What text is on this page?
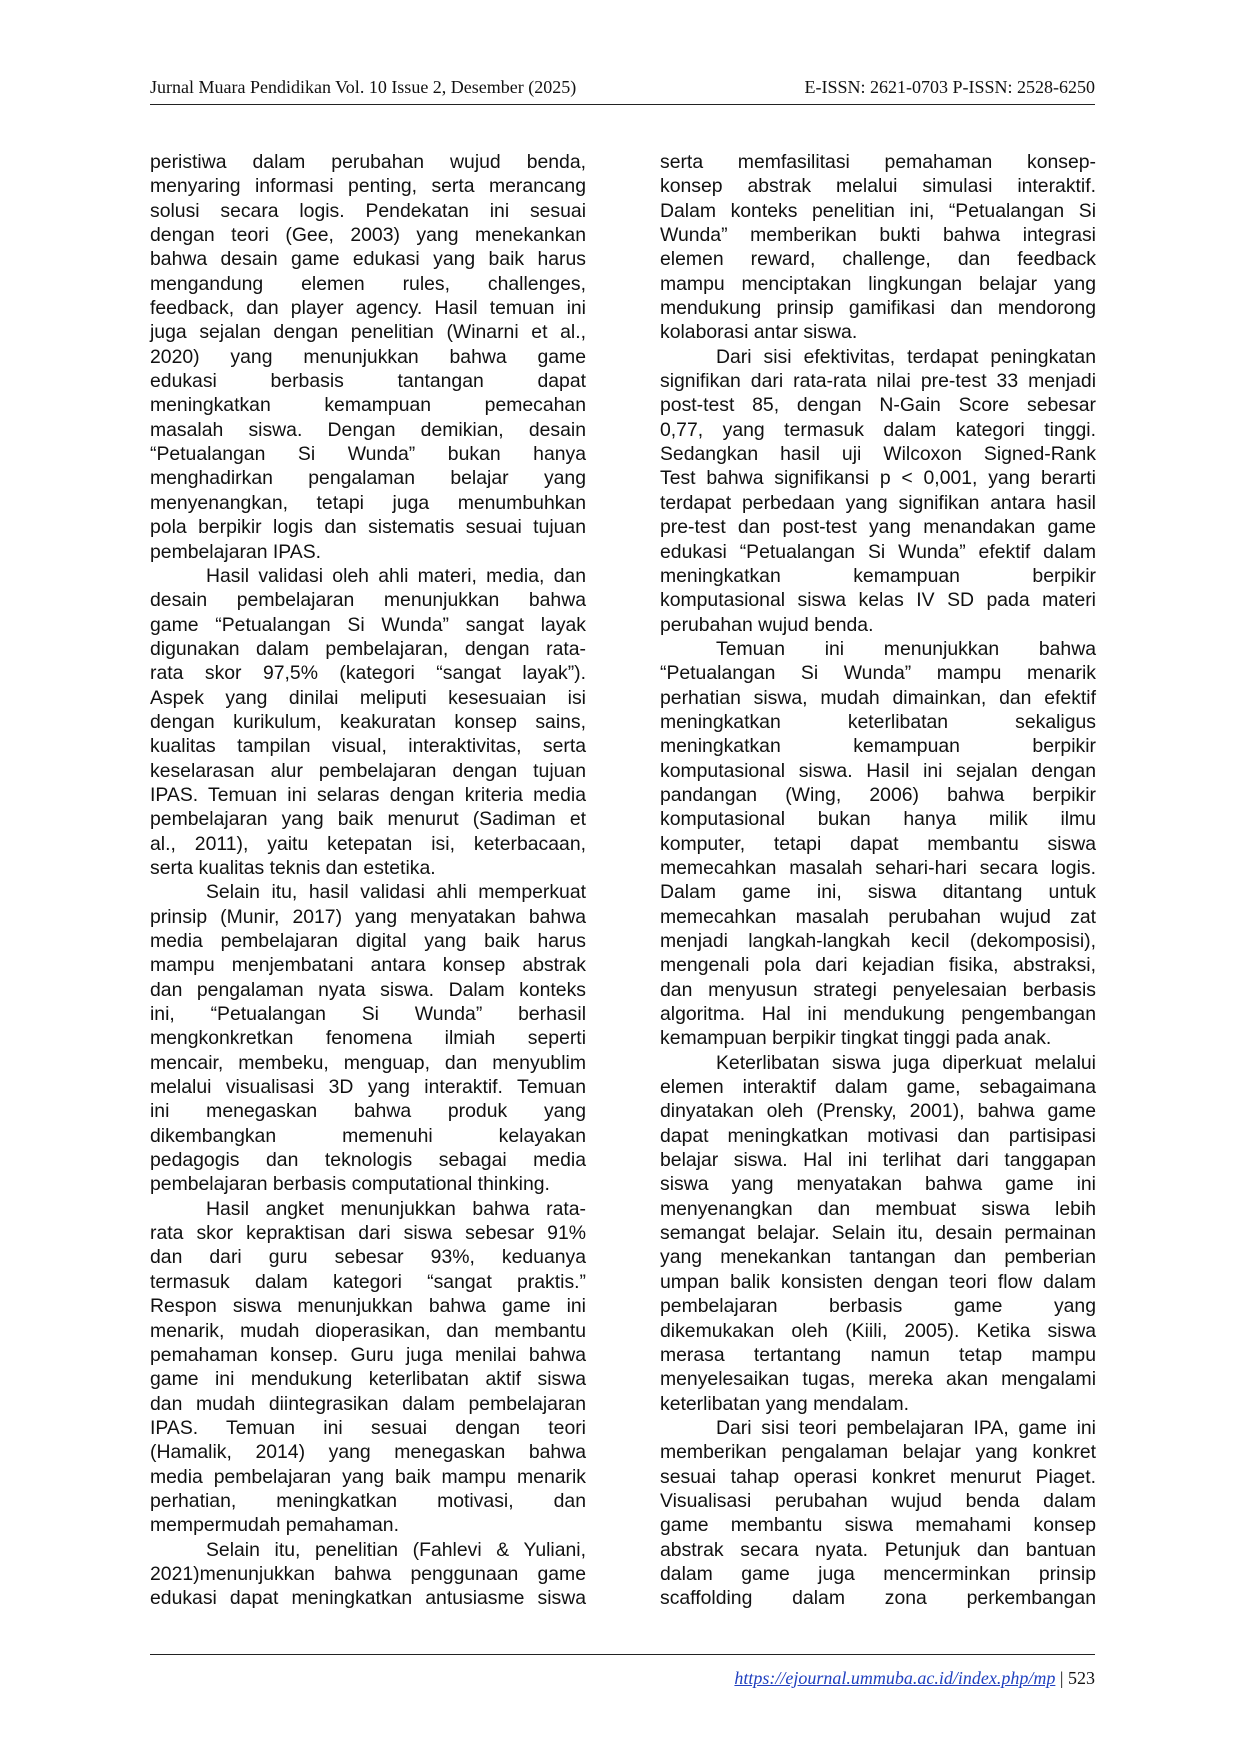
Jurnal Muara Pendidikan Vol. 10 Issue 2, Desember (2025)	E-ISSN: 2621-0703 P-ISSN: 2528-6250

peristiwa dalam perubahan wujud benda,
menyaring informasi penting, serta merancang
solusi secara logis. Pendekatan ini sesuai
dengan teori (Gee, 2003) yang menekankan
bahwa desain game edukasi yang baik harus
mengandung elemen rules, challenges,
feedback, dan player agency. Hasil temuan ini
juga sejalan dengan penelitian (Winarni et al.,
2020) yang menunjukkan bahwa game
edukasi berbasis tantangan dapat
meningkatkan kemampuan pemecahan
masalah siswa. Dengan demikian, desain
“Petualangan Si Wunda” bukan hanya
menghadirkan pengalaman belajar yang
menyenangkan, tetapi juga menumbuhkan
pola berpikir logis dan sistematis sesuai tujuan
pembelajaran IPAS.

Hasil validasi oleh ahli materi, media, dan
desain pembelajaran menunjukkan bahwa
game “Petualangan Si Wunda” sangat layak
digunakan dalam pembelajaran, dengan rata-
rata skor 97,5% (kategori “sangat layak”).
Aspek yang dinilai meliputi kesesuaian isi
dengan kurikulum, keakuratan konsep sains,
kualitas tampilan visual, interaktivitas, serta
keselarasan alur pembelajaran dengan tujuan
IPAS. Temuan ini selaras dengan kriteria media
pembelajaran yang baik menurut (Sadiman et
al., 2011), yaitu ketepatan isi, keterbacaan,
serta kualitas teknis dan estetika.

Selain itu, hasil validasi ahli memperkuat
prinsip (Munir, 2017) yang menyatakan bahwa
media pembelajaran digital yang baik harus
mampu menjembatani antara konsep abstrak
dan pengalaman nyata siswa. Dalam konteks
ini, “Petualangan Si Wunda” berhasil
mengkonkretkan fenomena ilmiah seperti
mencair, membeku, menguap, dan menyublim
melalui visualisasi 3D yang interaktif. Temuan
ini menegaskan bahwa produk yang
dikembangkan memenuhi kelayakan
pedagogis dan teknologis sebagai media
pembelajaran berbasis computational thinking.

Hasil angket menunjukkan bahwa rata-
rata skor kepraktisan dari siswa sebesar 91%
dan dari guru sebesar 93%, keduanya
termasuk dalam kategori “sangat praktis.”
Respon siswa menunjukkan bahwa game ini
menarik, mudah dioperasikan, dan membantu
pemahaman konsep. Guru juga menilai bahwa
game ini mendukung keterlibatan aktif siswa
dan mudah diintegrasikan dalam pembelajaran
IPAS. Temuan ini sesuai dengan teori
(Hamalik, 2014) yang menegaskan bahwa
media pembelajaran yang baik mampu menarik
perhatian, meningkatkan motivasi, dan
mempermudah pemahaman.

Selain itu, penelitian (Fahlevi & Yuliani,
2021)menunjukkan bahwa penggunaan game
edukasi dapat meningkatkan antusiasme siswa

serta memfasilitasi pemahaman konsep-
konsep abstrak melalui simulasi interaktif.
Dalam konteks penelitian ini, “Petualangan Si
Wunda” memberikan bukti bahwa integrasi
elemen reward, challenge, dan feedback
mampu menciptakan lingkungan belajar yang
mendukung prinsip gamifikasi dan mendorong
kolaborasi antar siswa.

Dari sisi efektivitas, terdapat peningkatan
signifikan dari rata-rata nilai pre-test 33 menjadi
post-test 85, dengan N-Gain Score sebesar
0,77, yang termasuk dalam kategori tinggi.
Sedangkan hasil uji Wilcoxon Signed-Rank
Test bahwa signifikansi p < 0,001, yang berarti
terdapat perbedaan yang signifikan antara hasil
pre-test dan post-test yang menandakan game
edukasi “Petualangan Si Wunda” efektif dalam
meningkatkan kemampuan berpikir
komputasional siswa kelas IV SD pada materi
perubahan wujud benda.

Temuan ini menunjukkan bahwa
“Petualangan Si Wunda” mampu menarik
perhatian siswa, mudah dimainkan, dan efektif
meningkatkan keterlibatan sekaligus
meningkatkan kemampuan berpikir
komputasional siswa. Hasil ini sejalan dengan
pandangan (Wing, 2006) bahwa berpikir
komputasional bukan hanya milik ilmu
komputer, tetapi dapat membantu siswa
memecahkan masalah sehari-hari secara logis.
Dalam game ini, siswa ditantang untuk
memecahkan masalah perubahan wujud zat
menjadi langkah-langkah kecil (dekomposisi),
mengenali pola dari kejadian fisika, abstraksi,
dan menyusun strategi penyelesaian berbasis
algoritma. Hal ini mendukung pengembangan
kemampuan berpikir tingkat tinggi pada anak.

Keterlibatan siswa juga diperkuat melalui
elemen interaktif dalam game, sebagaimana
dinyatakan oleh (Prensky, 2001), bahwa game
dapat meningkatkan motivasi dan partisipasi
belajar siswa. Hal ini terlihat dari tanggapan
siswa yang menyatakan bahwa game ini
menyenangkan dan membuat siswa lebih
semangat belajar. Selain itu, desain permainan
yang menekankan tantangan dan pemberian
umpan balik konsisten dengan teori flow dalam
pembelajaran berbasis game yang
dikemukakan oleh (Kiili, 2005). Ketika siswa
merasa tertantang namun tetap mampu
menyelesaikan tugas, mereka akan mengalami
keterlibatan yang mendalam.

Dari sisi teori pembelajaran IPA, game ini
memberikan pengalaman belajar yang konkret
sesuai tahap operasi konkret menurut Piaget.
Visualisasi perubahan wujud benda dalam
game membantu siswa memahami konsep
abstrak secara nyata. Petunjuk dan bantuan
dalam game juga mencerminkan prinsip
scaffolding dalam zona perkembangan

https://ejournal.ummuba.ac.id/index.php/mp | 523
